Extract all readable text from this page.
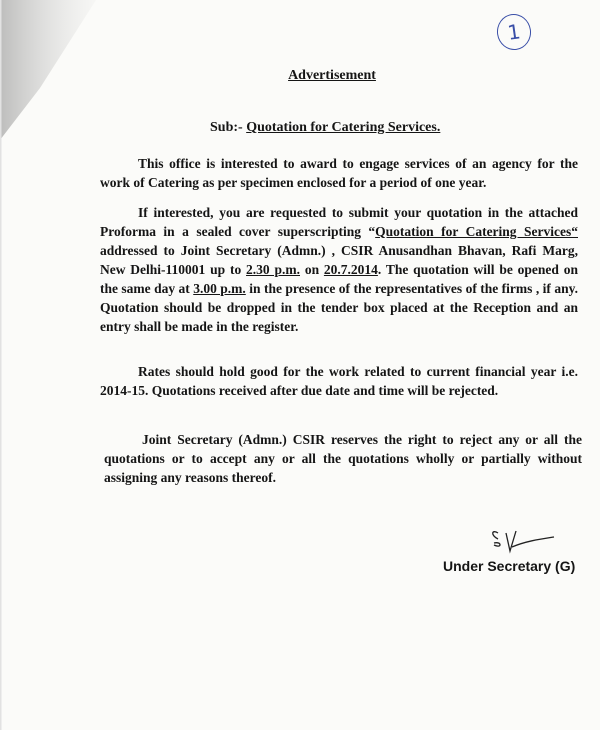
1
Advertisement
Sub:- Quotation for Catering Services.

This office is interested to award to engage services of an agency for the work of Catering as per specimen enclosed for a period of one year.

If interested, you are requested to submit your quotation in the attached Proforma in a sealed cover superscripting “Quotation for Catering Services“ addressed to Joint Secretary (Admn.) , CSIR Anusandhan Bhavan, Rafi Marg, New Delhi-110001 up to 2.30 p.m. on 20.7.2014. The quotation will be opened on the same day at 3.00 p.m. in the presence of the representatives of the firms , if any. Quotation should be dropped in the tender box placed at the Reception and an entry shall be made in the register.

Rates should hold good for the work related to current financial year i.e. 2014-15. Quotations received after due date and time will be rejected.

Joint Secretary (Admn.) CSIR reserves the right to reject any or all the quotations or to accept any or all the quotations wholly or partially without assigning any reasons thereof.

Under Secretary (G)
